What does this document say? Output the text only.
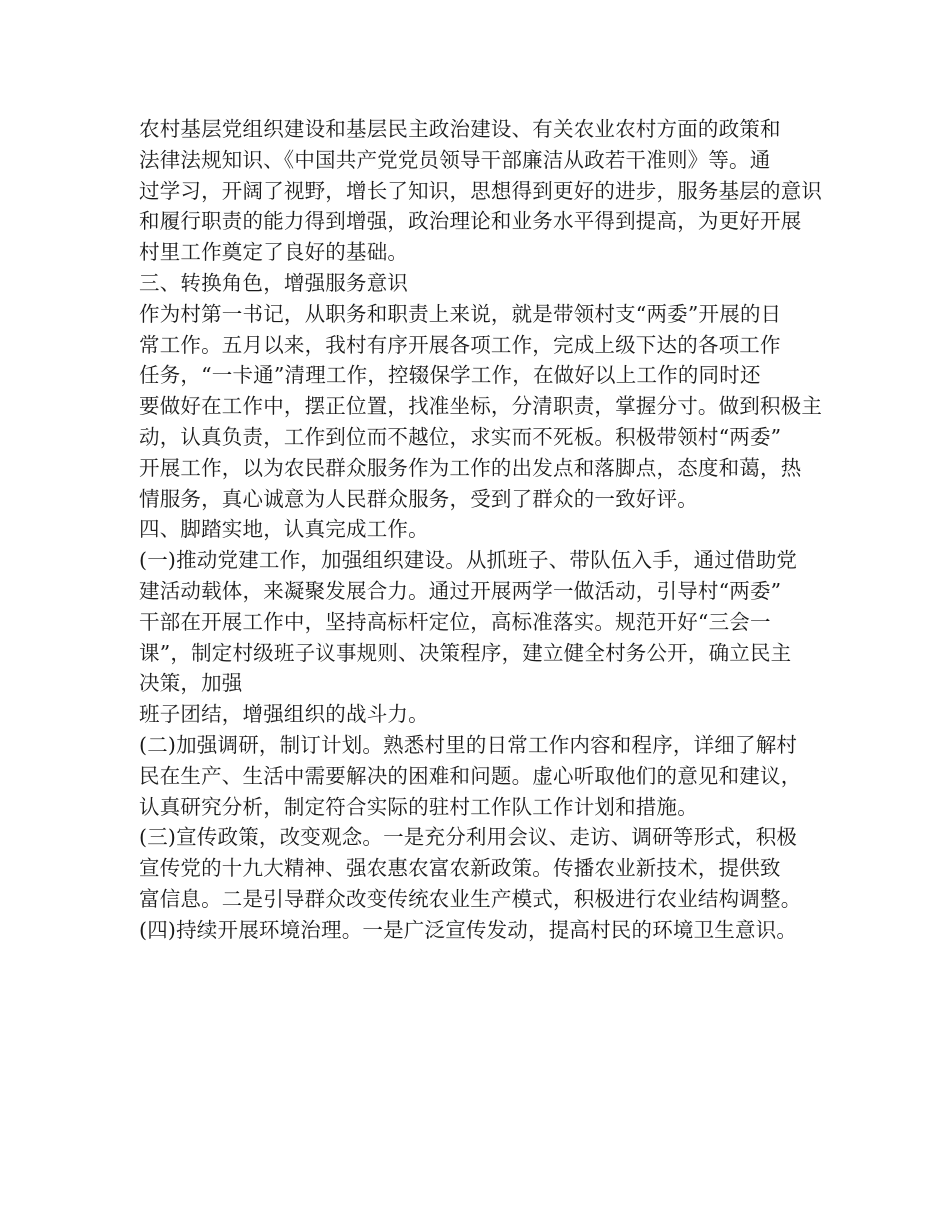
农村基层党组织建设和基层民主政治建设、有关农业农村方面的政策和
法律法规知识、《中国共产党党员领导干部廉洁从政若干准则》等。通
过学习，开阔了视野，增长了知识，思想得到更好的进步，服务基层的意识
和履行职责的能力得到增强，政治理论和业务水平得到提高，为更好开展
村里工作奠定了良好的基础。
三、转换角色，增强服务意识
作为村第一书记，从职务和职责上来说，就是带领村支“两委”开展的日
常工作。五月以来，我村有序开展各项工作，完成上级下达的各项工作
任务，“一卡通”清理工作，控辍保学工作，在做好以上工作的同时还
要做好在工作中，摆正位置，找准坐标，分清职责，掌握分寸。做到积极主
动，认真负责，工作到位而不越位，求实而不死板。积极带领村“两委”
开展工作，以为农民群众服务作为工作的出发点和落脚点，态度和蔼，热
情服务，真心诚意为人民群众服务，受到了群众的一致好评。
四、脚踏实地，认真完成工作。
(一)推动党建工作，加强组织建设。从抓班子、带队伍入手，通过借助党
建活动载体，来凝聚发展合力。通过开展两学一做活动，引导村“两委”
干部在开展工作中，坚持高标杆定位，高标准落实。规范开好“三会一
课”，制定村级班子议事规则、决策程序，建立健全村务公开，确立民主
决策，加强
班子团结，增强组织的战斗力。
(二)加强调研，制订计划。熟悉村里的日常工作内容和程序，详细了解村
民在生产、生活中需要解决的困难和问题。虚心听取他们的意见和建议，
认真研究分析，制定符合实际的驻村工作队工作计划和措施。
(三)宣传政策，改变观念。一是充分利用会议、走访、调研等形式，积极
宣传党的十九大精神、强农惠农富农新政策。传播农业新技术，提供致
富信息。二是引导群众改变传统农业生产模式，积极进行农业结构调整。
(四)持续开展环境治理。一是广泛宣传发动，提高村民的环境卫生意识。
